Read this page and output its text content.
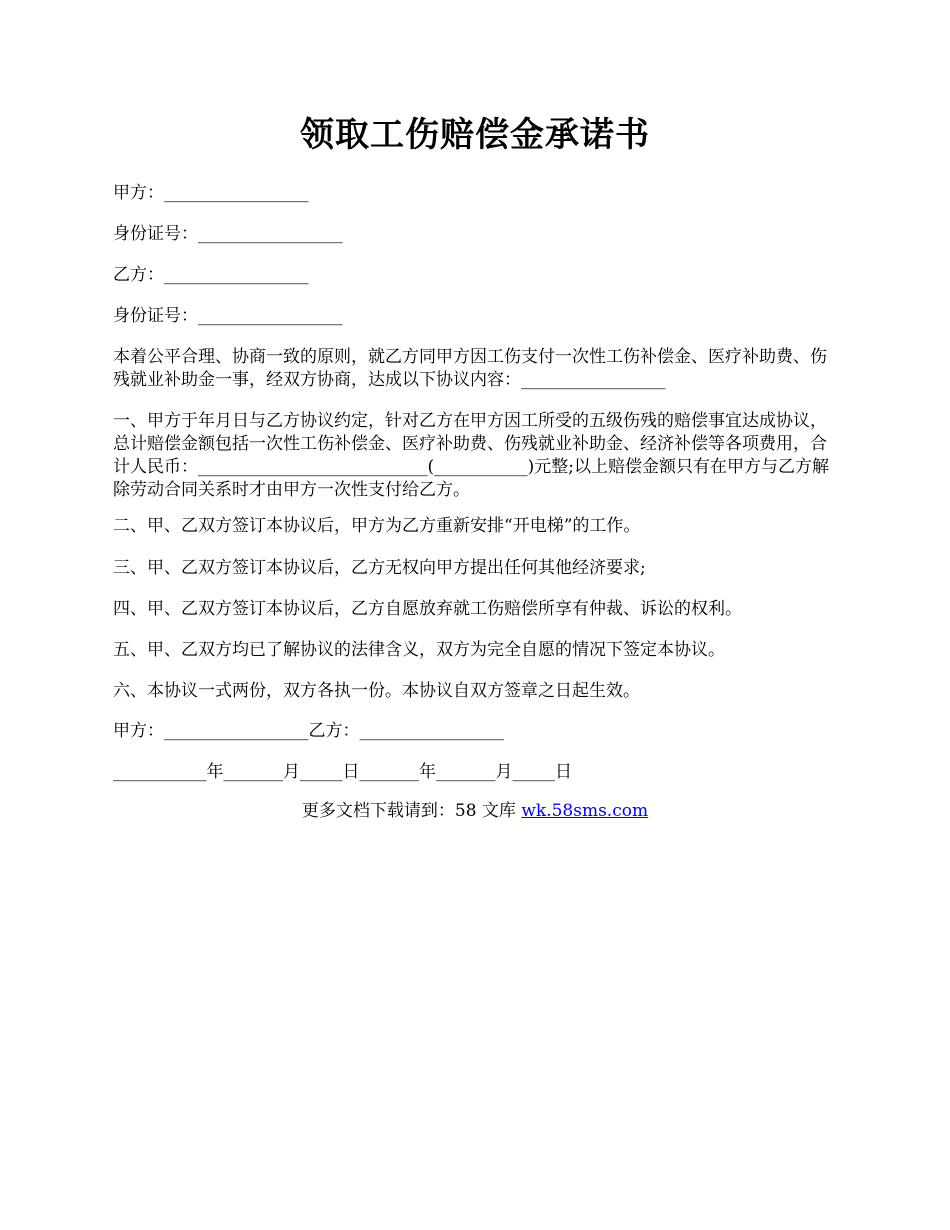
领取工伤赔偿金承诺书
甲方：_________________
身份证号：_________________
乙方：_________________
身份证号：_________________
本着公平合理、协商一致的原则，就乙方同甲方因工伤支付一次性工伤补偿金、医疗补助费、伤残就业补助金一事，经双方协商，达成以下协议内容：_________________
一、甲方于年月日与乙方协议约定，针对乙方在甲方因工所受的五级伤残的赔偿事宜达成协议，总计赔偿金额包括一次性工伤补偿金、医疗补助费、伤残就业补助金、经济补偿等各项费用，合计人民币：___________________________(___________)元整;以上赔偿金额只有在甲方与乙方解除劳动合同关系时才由甲方一次性支付给乙方。
二、甲、乙双方签订本协议后，甲方为乙方重新安排“开电梯”的工作。
三、甲、乙双方签订本协议后，乙方无权向甲方提出任何其他经济要求;
四、甲、乙双方签订本协议后，乙方自愿放弃就工伤赔偿所享有仲裁、诉讼的权利。
五、甲、乙双方均已了解协议的法律含义，双方为完全自愿的情况下签定本协议。
六、本协议一式两份，双方各执一份。本协议自双方签章之日起生效。
甲方：_________________乙方：_________________
___________年_______月_____日_______年_______月_____日
更多文档下载请到：58 文库 wk.58sms.com
